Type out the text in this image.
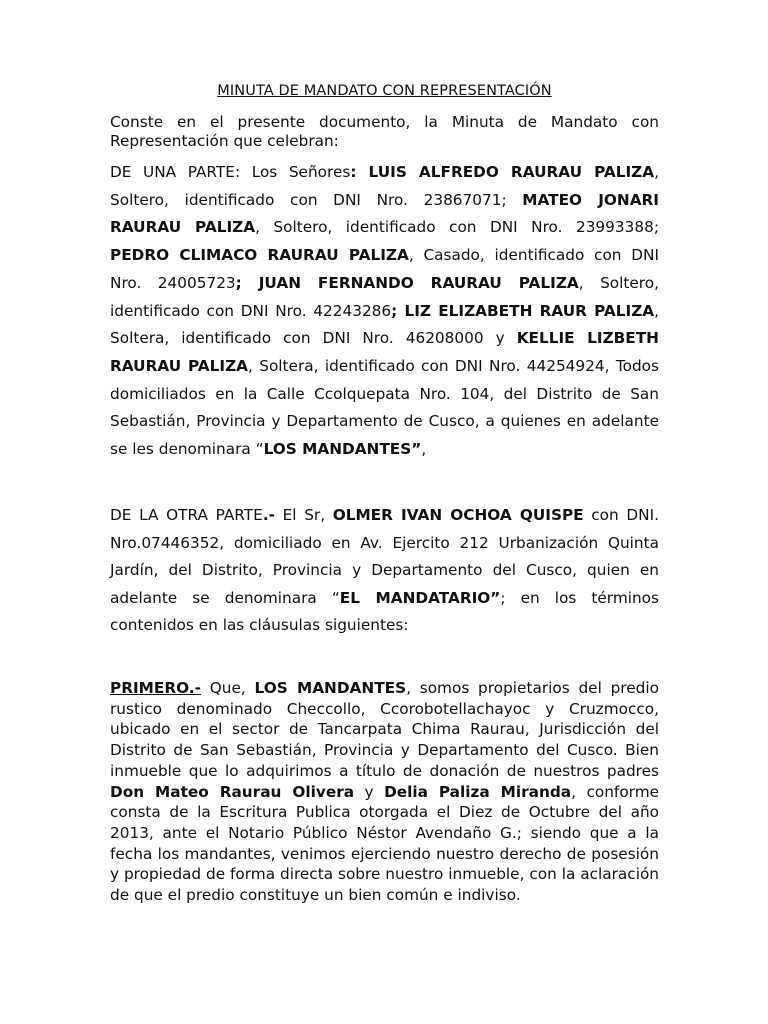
MINUTA DE MANDATO CON REPRESENTACIÓN

Conste en el presente documento, la Minuta de Mandato con Representación que celebran:

DE UNA PARTE: Los Señores: LUIS ALFREDO RAURAU PALIZA, Soltero, identificado con DNI Nro. 23867071; MATEO JONARI RAURAU PALIZA, Soltero, identificado con DNI Nro. 23993388; PEDRO CLIMACO RAURAU PALIZA, Casado, identificado con DNI Nro. 24005723; JUAN FERNANDO RAURAU PALIZA, Soltero, identificado con DNI Nro. 42243286; LIZ ELIZABETH RAUR PALIZA, Soltera, identificado con DNI Nro. 46208000 y KELLIE LIZBETH RAURAU PALIZA, Soltera, identificado con DNI Nro. 44254924, Todos domiciliados en la Calle Ccolquepata Nro. 104, del Distrito de San Sebastián, Provincia y Departamento de Cusco, a quienes en adelante se les denominara “LOS MANDANTES”,

DE LA OTRA PARTE.- El Sr, OLMER IVAN OCHOA QUISPE con DNI. Nro.07446352, domiciliado en Av. Ejercito 212 Urbanización Quinta Jardín, del Distrito, Provincia y Departamento del Cusco, quien en adelante se denominara “EL MANDATARIO”; en los términos contenidos en las cláusulas siguientes:

PRIMERO.- Que, LOS MANDANTES, somos propietarios del predio rustico denominado Checcollo, Ccorobotellachayoc y Cruzmocco, ubicado en el sector de Tancarpata Chima Raurau, Jurisdicción del Distrito de San Sebastián, Provincia y Departamento del Cusco. Bien inmueble que lo adquirimos a título de donación de nuestros padres Don Mateo Raurau Olivera y Delia Paliza Miranda, conforme consta de la Escritura Publica otorgada el Diez de Octubre del año 2013, ante el Notario Público Néstor Avendaño G.; siendo que a la fecha los mandantes, venimos ejerciendo nuestro derecho de posesión y propiedad de forma directa sobre nuestro inmueble, con la aclaración de que el predio constituye un bien común e indiviso.
